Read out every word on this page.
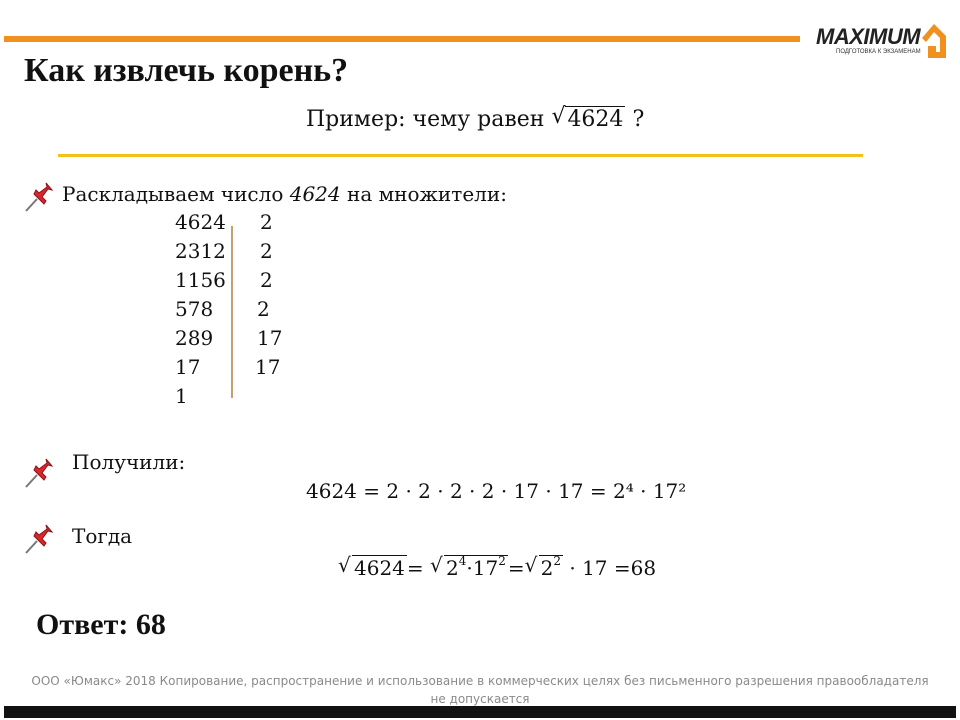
MAXIMUM
ПОДГОТОВКА К ЭКЗАМЕНАМ
Как извлечь корень?
Пример: чему равен √ 4624 ?
Раскладываем число 4624 на множители:
4624
2312
1156
578
289
17
1
2
2
2
2
17
17
Получили:
4624 = 2 · 2 · 2 · 2 · 17 · 17 = 2⁴ · 17²
Тогда
√ 4624 = √ $2^4\cdot 17^2$ = √ $2^2 \cdot 17 =68$
Ответ: 68
ООО «Юмакс» 2018 Копирование, распространение и использование в коммерческих целях без письменного разрешения правообладателя
не допускается
